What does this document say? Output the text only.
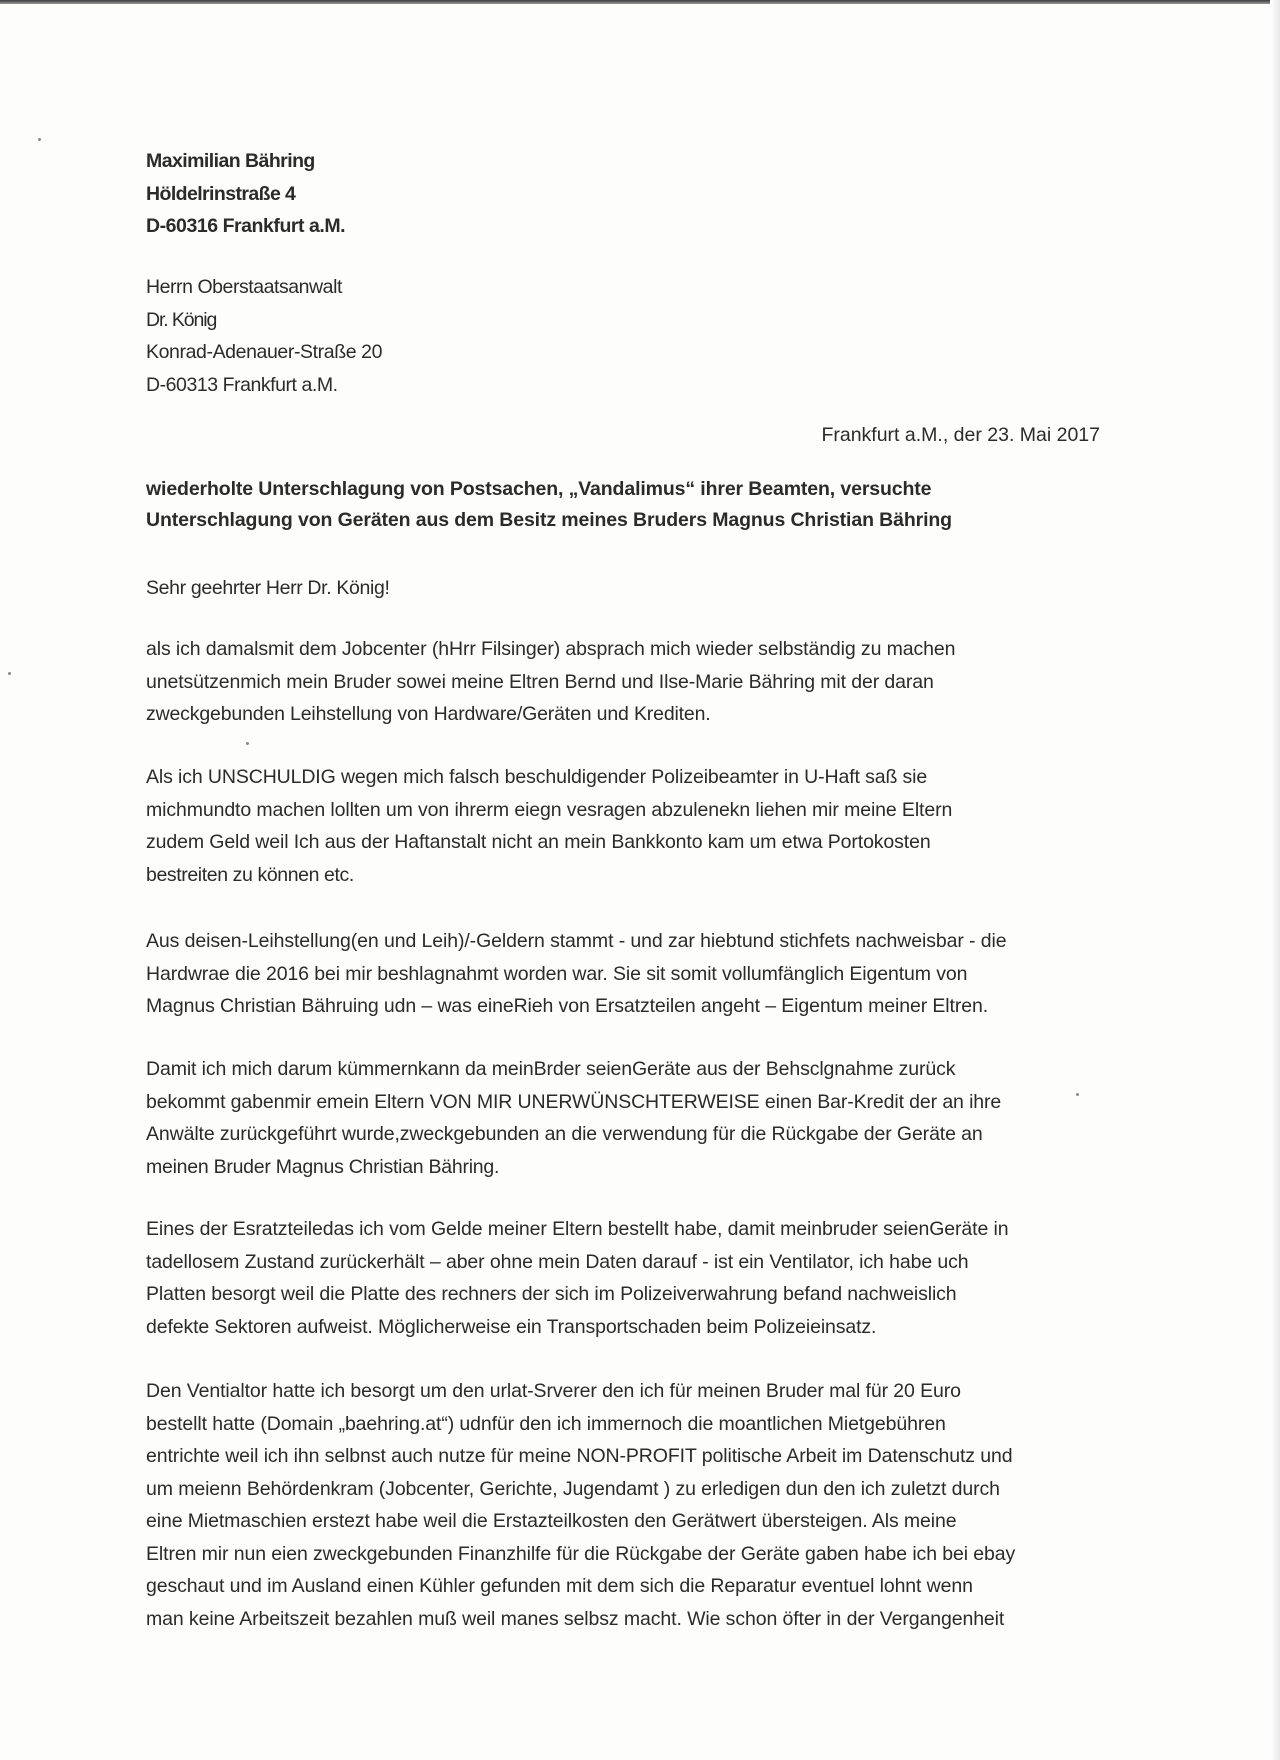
Maximilian Bähring
Höldelrinstraße 4
D-60316 Frankfurt a.M.
Herrn Oberstaatsanwalt
Dr. König
Konrad-Adenauer-Straße 20
D-60313 Frankfurt a.M.
Frankfurt a.M., der 23. Mai 2017
wiederholte Unterschlagung von Postsachen, „Vandalimus“ ihrer Beamten, versuchte
Unterschlagung von Geräten aus dem Besitz meines Bruders Magnus Christian Bähring
Sehr geehrter Herr Dr. König!
als ich damalsmit dem Jobcenter (hHrr Filsinger) absprach mich wieder selbständig zu machen
unetsützenmich mein Bruder sowei meine Eltren Bernd und Ilse-Marie Bähring mit der daran
zweckgebunden Leihstellung von Hardware/Geräten und Krediten.
Als ich UNSCHULDIG wegen mich falsch beschuldigender Polizeibeamter in U-Haft saß sie
michmundto machen lollten um von ihrerm eiegn vesragen abzulenekn liehen mir meine Eltern
zudem Geld weil Ich aus der Haftanstalt nicht an mein Bankkonto kam um etwa Portokosten
bestreiten zu können etc.
Aus deisen-Leihstellung(en und Leih)/-Geldern stammt - und zar hiebtund stichfets nachweisbar - die
Hardwrae die 2016 bei mir beshlagnahmt worden war. Sie sit somit vollumfänglich Eigentum von
Magnus Christian Bähruing udn – was eineRieh von Ersatzteilen angeht – Eigentum meiner Eltren.
Damit ich mich darum kümmernkann da meinBrder seienGeräte aus der Behsclgnahme zurück
bekommt gabenmir emein Eltern VON MIR UNERWÜNSCHTERWEISE einen Bar-Kredit der an ihre
Anwälte zurückgeführt wurde,zweckgebunden an die verwendung für die Rückgabe der Geräte an
meinen Bruder Magnus Christian Bähring.
Eines der Esratzteiledas ich vom Gelde meiner Eltern bestellt habe, damit meinbruder seienGeräte in
tadellosem Zustand zurückerhält – aber ohne mein Daten darauf - ist ein Ventilator, ich habe uch
Platten besorgt weil die Platte des rechners der sich im Polizeiverwahrung befand nachweislich
defekte Sektoren aufweist. Möglicherweise ein Transportschaden beim Polizeieinsatz.
Den Ventialtor hatte ich besorgt um den urlat-Srverer den ich für meinen Bruder mal für 20 Euro
bestellt hatte (Domain „baehring.at“) udnfür den ich immernoch die moantlichen Mietgebühren
entrichte weil ich ihn selbnst auch nutze für meine NON-PROFIT politische Arbeit im Datenschutz und
um meienn Behördenkram (Jobcenter, Gerichte, Jugendamt ) zu erledigen dun den ich zuletzt durch
eine Mietmaschien erstezt habe weil die Erstazteilkosten den Gerätwert übersteigen. Als meine
Eltren mir nun eien zweckgebunden Finanzhilfe für die Rückgabe der Geräte gaben habe ich bei ebay
geschaut und im Ausland einen Kühler gefunden mit dem sich die Reparatur eventuel lohnt wenn
man keine Arbeitszeit bezahlen muß weil manes selbsz macht. Wie schon öfter in der Vergangenheit
